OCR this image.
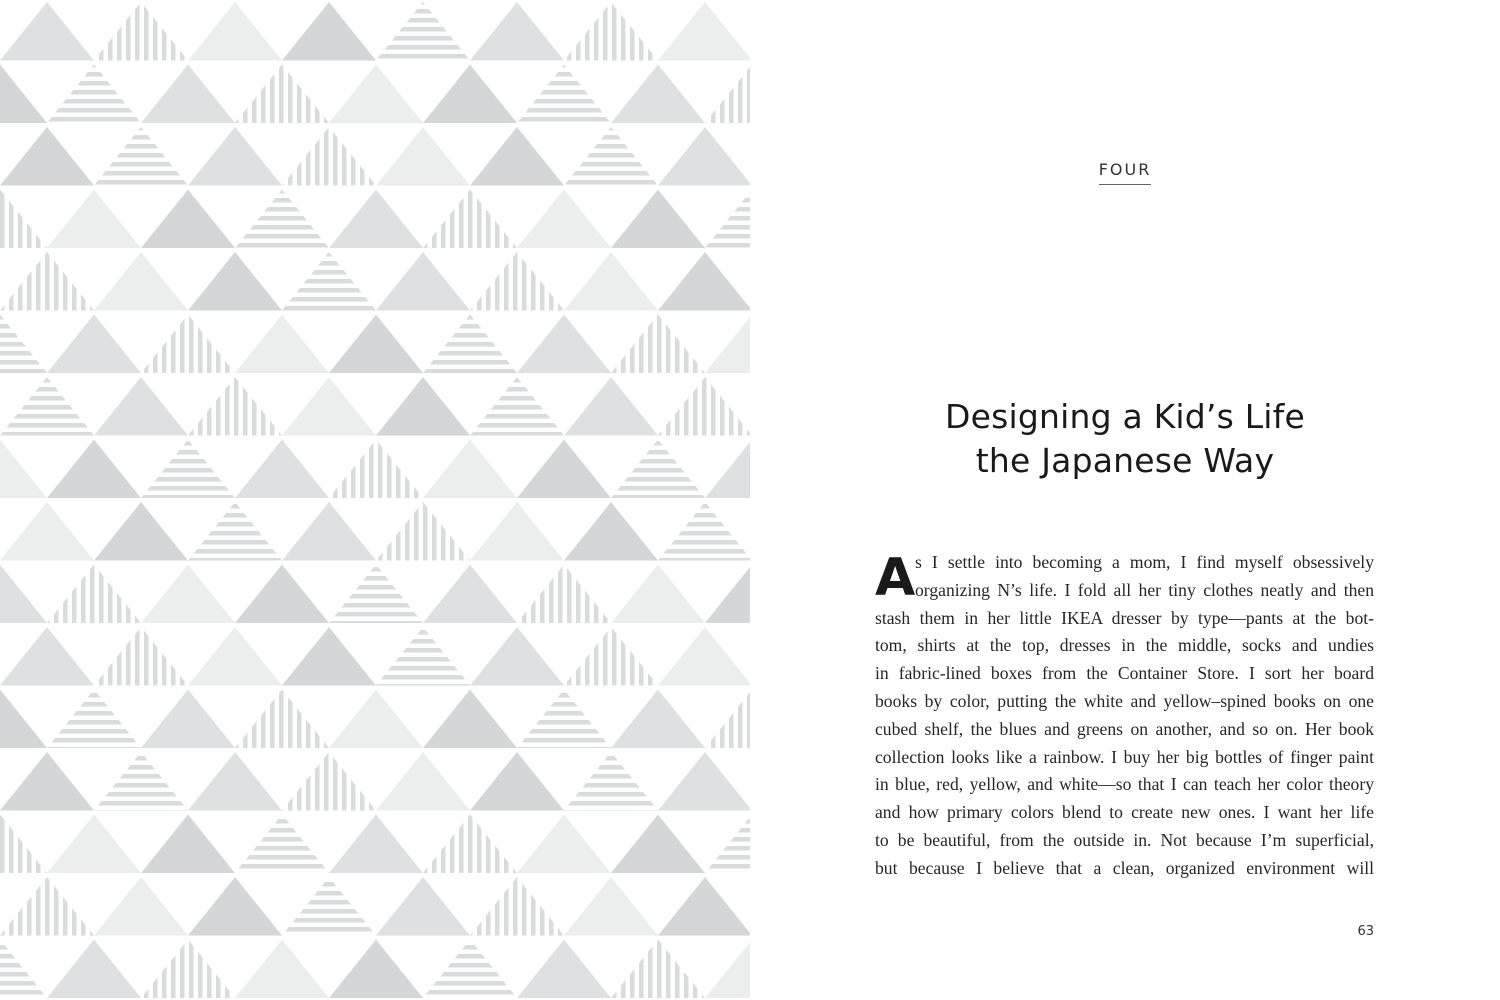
FOUR
Designing a Kid’s Life
the Japanese Way
A s I settle into becoming a mom, I find myself obsessively
organizing N’s life. I fold all her tiny clothes neatly and then
stash them in her little IKEA dresser by type—pants at the bot-
tom, shirts at the top, dresses in the middle, socks and undies
in fabric-lined boxes from the Container Store. I sort her board
books by color, putting the white and yellow–spined books on one
cubed shelf, the blues and greens on another, and so on. Her book
collection looks like a rainbow. I buy her big bottles of finger paint
in blue, red, yellow, and white—so that I can teach her color theory
and how primary colors blend to create new ones. I want her life
to be beautiful, from the outside in. Not because I’m superficial,
but because I believe that a clean, organized environment will
63
